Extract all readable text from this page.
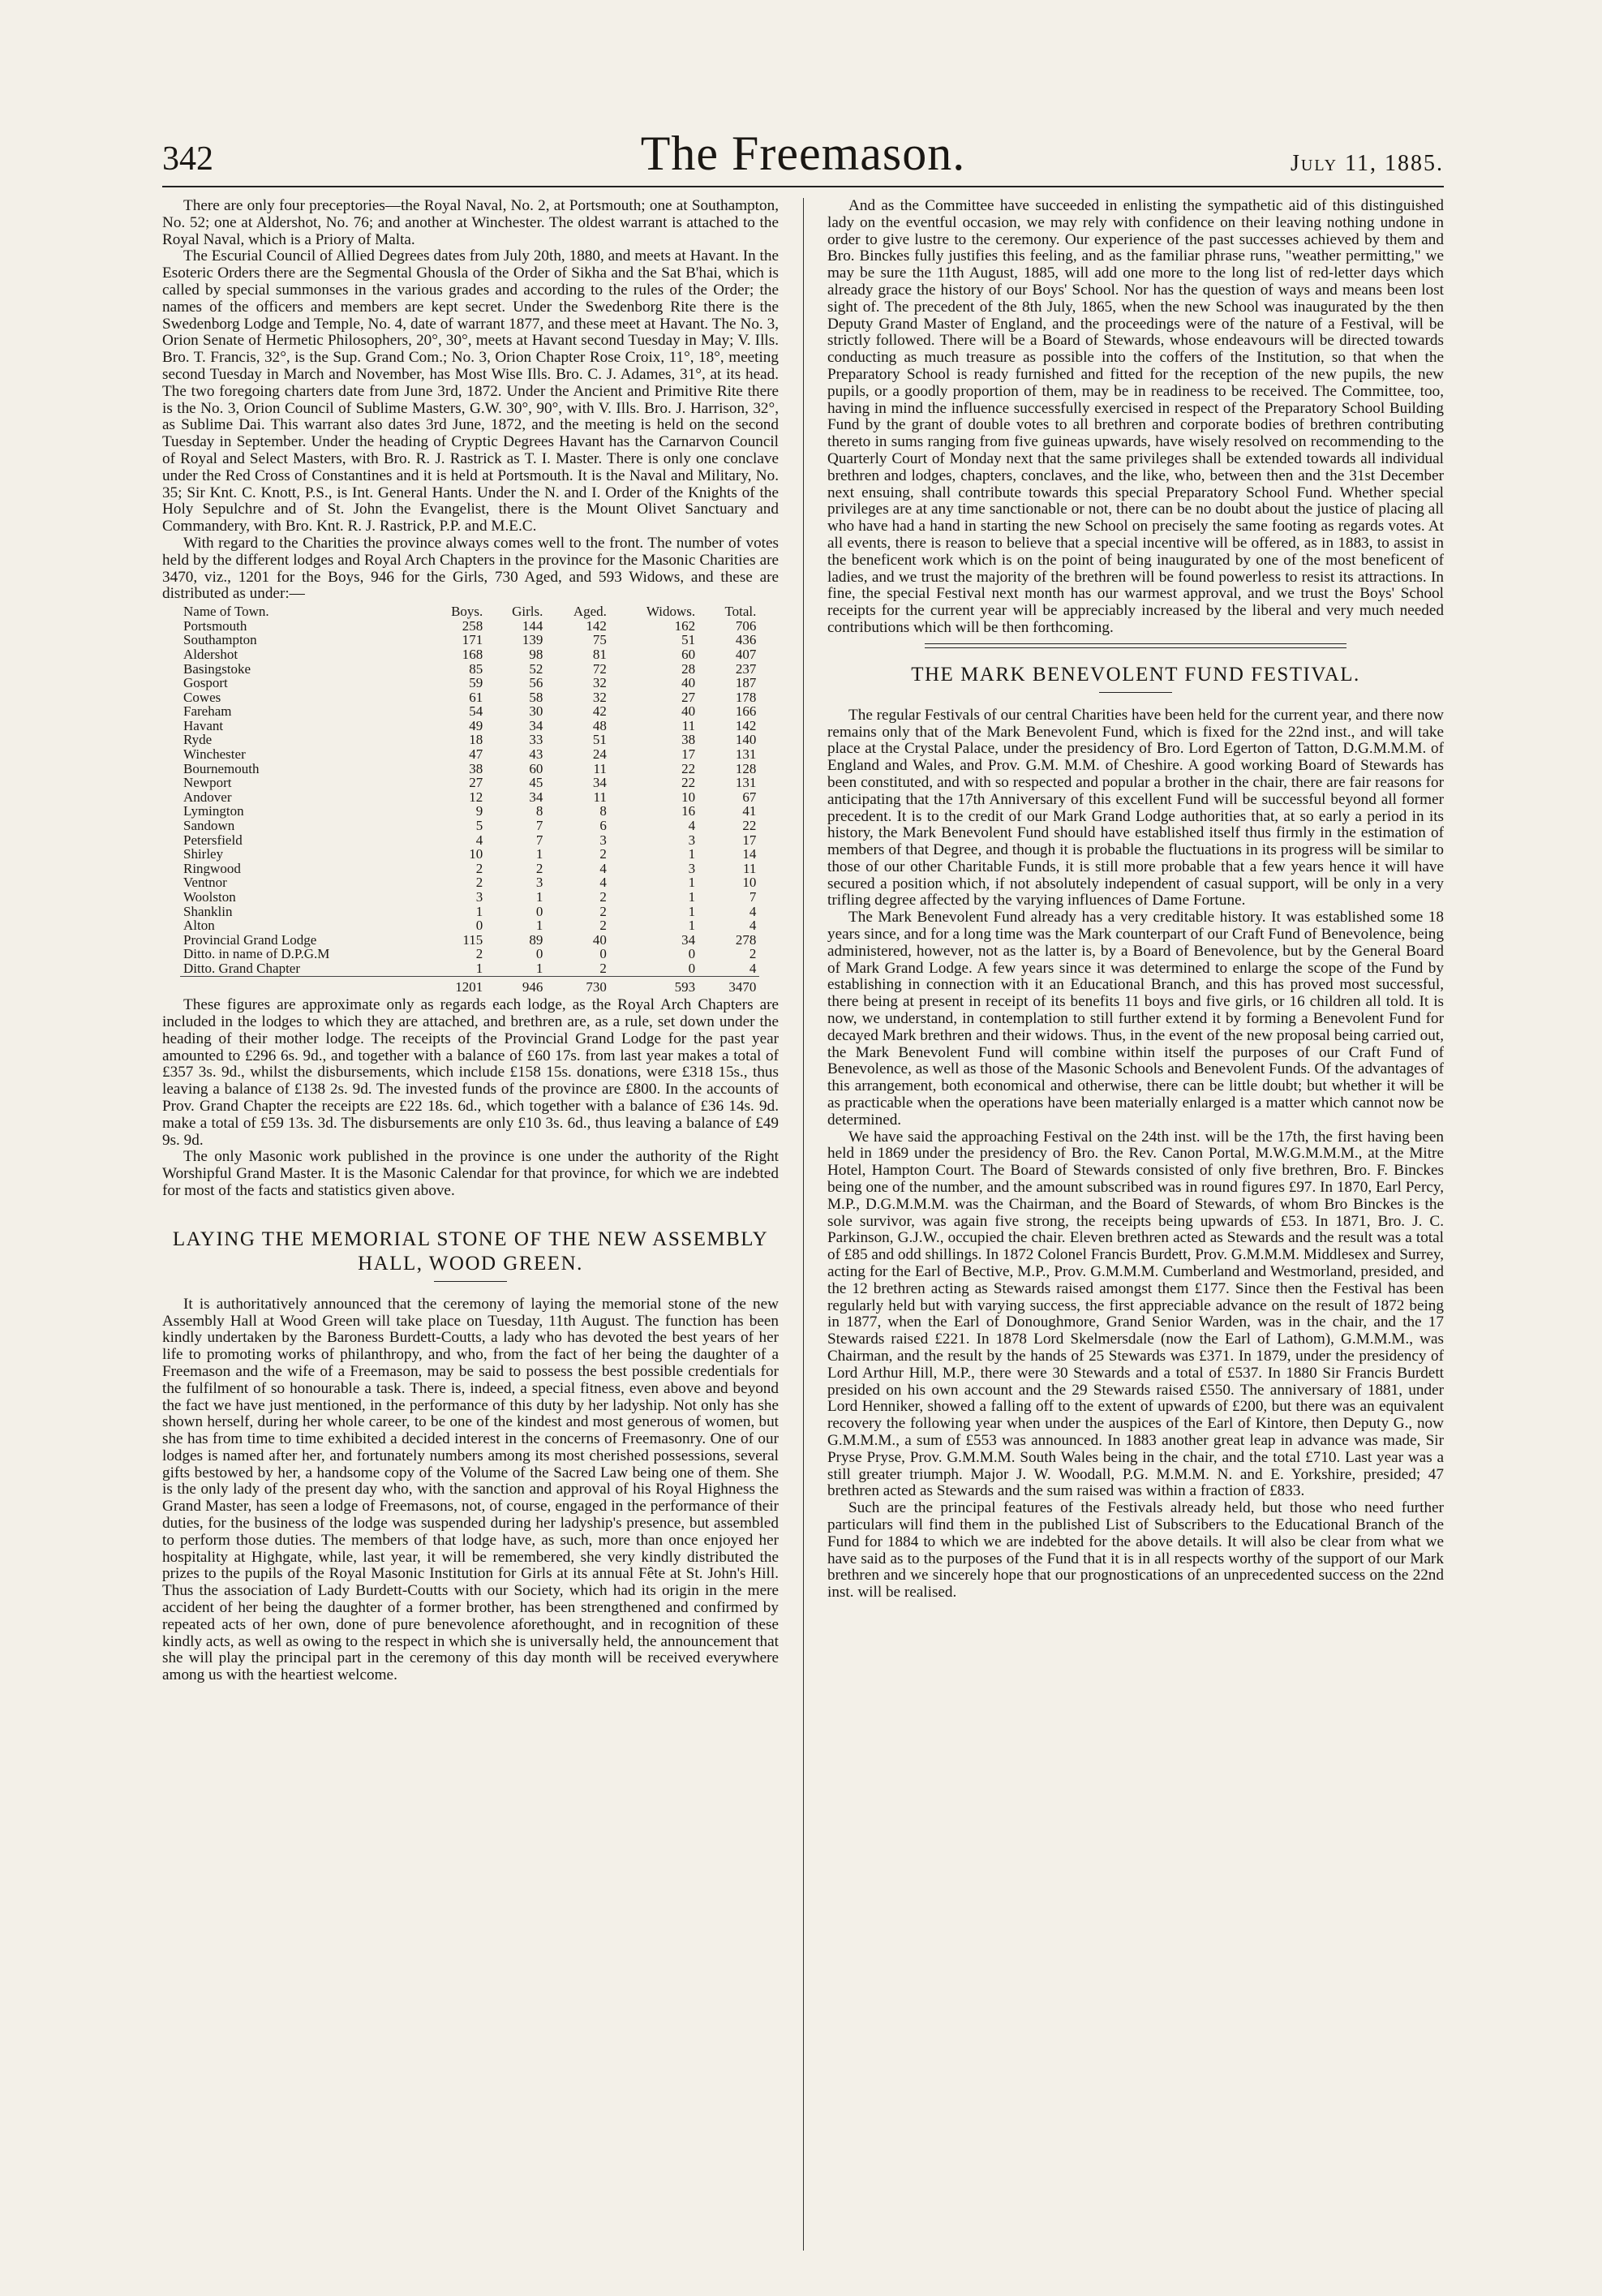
342	The Freemason.	July 11, 1885.

There are only four preceptories—the Royal Naval, No. 2, at Portsmouth; one at Southampton, No. 52; one at Aldershot, No. 76; and another at Winchester. The oldest warrant is attached to the Royal Naval, which is a Priory of Malta.

The Escurial Council of Allied Degrees dates from July 20th, 1880, and meets at Havant. In the Esoteric Orders there are the Segmental Ghousla of the Order of Sikha and the Sat B'hai, which is called by special summonses in the various grades and according to the rules of the Order; the names of the officers and members are kept secret. Under the Swedenborg Rite there is the Swedenborg Lodge and Temple, No. 4, date of warrant 1877, and these meet at Havant. The No. 3, Orion Senate of Hermetic Philosophers, 20°, 30°, meets at Havant second Tuesday in May; V. Ills. Bro. T. Francis, 32°, is the Sup. Grand Com.; No. 3, Orion Chapter Rose Croix, 11°, 18°, meeting second Tuesday in March and November, has Most Wise Ills. Bro. C. J. Adames, 31°, at its head. The two foregoing charters date from June 3rd, 1872. Under the Ancient and Primitive Rite there is the No. 3, Orion Council of Sublime Masters, G.W. 30°, 90°, with V. Ills. Bro. J. Harrison, 32°, as Sublime Dai. This warrant also dates 3rd June, 1872, and the meeting is held on the second Tuesday in September. Under the heading of Cryptic Degrees Havant has the Carnarvon Council of Royal and Select Masters, with Bro. R. J. Rastrick as T. I. Master. There is only one conclave under the Red Cross of Constantines and it is held at Portsmouth. It is the Naval and Military, No. 35; Sir Knt. C. Knott, P.S., is Int. General Hants. Under the N. and I. Order of the Knights of the Holy Sepulchre and of St. John the Evangelist, there is the Mount Olivet Sanctuary and Commandery, with Bro. Knt. R. J. Rastrick, P.P. and M.E.C.

With regard to the Charities the province always comes well to the front. The number of votes held by the different lodges and Royal Arch Chapters in the province for the Masonic Charities are 3470, viz., 1201 for the Boys, 946 for the Girls, 730 Aged, and 593 Widows, and these are distributed as under:—

Name of Town.	Boys.	Girls.	Aged.	Widows.	Total.
Portsmouth	258	144	142	162	706
Southampton	171	139	75	51	436
Aldershot	168	98	81	60	407
Basingstoke	85	52	72	28	237
Gosport	59	56	32	40	187
Cowes	61	58	32	27	178
Fareham	54	30	42	40	166
Havant	49	34	48	11	142
Ryde	18	33	51	38	140
Winchester	47	43	24	17	131
Bournemouth	38	60	11	22	128
Newport	27	45	34	22	131
Andover	12	34	11	10	67
Lymington	9	8	8	16	41
Sandown	5	7	6	4	22
Petersfield	4	7	3	3	17
Shirley	10	1	2	1	14
Ringwood	2	2	4	3	11
Ventnor	2	3	4	1	10
Woolston	3	1	2	1	7
Shanklin	1	0	2	1	4
Alton	0	1	2	1	4
Provincial Grand Lodge	115	89	40	34	278
Ditto. in name of D.P.G.M	2	0	0	0	2
Ditto. Grand Chapter	1	1	2	0	4
	1201	946	730	593	3470

These figures are approximate only as regards each lodge, as the Royal Arch Chapters are included in the lodges to which they are attached, and brethren are, as a rule, set down under the heading of their mother lodge. The receipts of the Provincial Grand Lodge for the past year amounted to £296 6s. 9d., and together with a balance of £60 17s. from last year makes a total of £357 3s. 9d., whilst the disbursements, which include £158 15s. donations, were £318 15s., thus leaving a balance of £138 2s. 9d. The invested funds of the province are £800. In the accounts of Prov. Grand Chapter the receipts are £22 18s. 6d., which together with a balance of £36 14s. 9d. make a total of £59 13s. 3d. The disbursements are only £10 3s. 6d., thus leaving a balance of £49 9s. 9d.

The only Masonic work published in the province is one under the authority of the Right Worshipful Grand Master. It is the Masonic Calendar for that province, for which we are indebted for most of the facts and statistics given above.

LAYING THE MEMORIAL STONE OF THE NEW ASSEMBLY HALL, WOOD GREEN.

It is authoritatively announced that the ceremony of laying the memorial stone of the new Assembly Hall at Wood Green will take place on Tuesday, 11th August. The function has been kindly undertaken by the Baroness Burdett-Coutts, a lady who has devoted the best years of her life to promoting works of philanthropy, and who, from the fact of her being the daughter of a Freemason and the wife of a Freemason, may be said to possess the best possible credentials for the fulfilment of so honourable a task. There is, indeed, a special fitness, even above and beyond the fact we have just mentioned, in the performance of this duty by her ladyship. Not only has she shown herself, during her whole career, to be one of the kindest and most generous of women, but she has from time to time exhibited a decided interest in the concerns of Freemasonry. One of our lodges is named after her, and fortunately numbers among its most cherished possessions, several gifts bestowed by her, a handsome copy of the Volume of the Sacred Law being one of them. She is the only lady of the present day who, with the sanction and approval of his Royal Highness the Grand Master, has seen a lodge of Freemasons, not, of course, engaged in the performance of their duties, for the business of the lodge was suspended during her ladyship's presence, but assembled to perform those duties. The members of that lodge have, as such, more than once enjoyed her hospitality at Highgate, while, last year, it will be remembered, she very kindly distributed the prizes to the pupils of the Royal Masonic Institution for Girls at its annual Fête at St. John's Hill. Thus the association of Lady Burdett-Coutts with our Society, which had its origin in the mere accident of her being the daughter of a former brother, has been strengthened and confirmed by repeated acts of her own, done of pure benevolence aforethought, and in recognition of these kindly acts, as well as owing to the respect in which she is universally held, the announcement that she will play the principal part in the ceremony of this day month will be received everywhere among us with the heartiest welcome.

And as the Committee have succeeded in enlisting the sympathetic aid of this distinguished lady on the eventful occasion, we may rely with confidence on their leaving nothing undone in order to give lustre to the ceremony. Our experience of the past successes achieved by them and Bro. Binckes fully justifies this feeling, and as the familiar phrase runs, "weather permitting," we may be sure the 11th August, 1885, will add one more to the long list of red-letter days which already grace the history of our Boys' School. Nor has the question of ways and means been lost sight of. The precedent of the 8th July, 1865, when the new School was inaugurated by the then Deputy Grand Master of England, and the proceedings were of the nature of a Festival, will be strictly followed. There will be a Board of Stewards, whose endeavours will be directed towards conducting as much treasure as possible into the coffers of the Institution, so that when the Preparatory School is ready furnished and fitted for the reception of the new pupils, the new pupils, or a goodly proportion of them, may be in readiness to be received. The Committee, too, having in mind the influence successfully exercised in respect of the Preparatory School Building Fund by the grant of double votes to all brethren and corporate bodies of brethren contributing thereto in sums ranging from five guineas upwards, have wisely resolved on recommending to the Quarterly Court of Monday next that the same privileges shall be extended towards all individual brethren and lodges, chapters, conclaves, and the like, who, between then and the 31st December next ensuing, shall contribute towards this special Preparatory School Fund. Whether special privileges are at any time sanctionable or not, there can be no doubt about the justice of placing all who have had a hand in starting the new School on precisely the same footing as regards votes. At all events, there is reason to believe that a special incentive will be offered, as in 1883, to assist in the beneficent work which is on the point of being inaugurated by one of the most beneficent of ladies, and we trust the majority of the brethren will be found powerless to resist its attractions. In fine, the special Festival next month has our warmest approval, and we trust the Boys' School receipts for the current year will be appreciably increased by the liberal and very much needed contributions which will be then forthcoming.

THE MARK BENEVOLENT FUND FESTIVAL.

The regular Festivals of our central Charities have been held for the current year, and there now remains only that of the Mark Benevolent Fund, which is fixed for the 22nd inst., and will take place at the Crystal Palace, under the presidency of Bro. Lord Egerton of Tatton, D.G.M.M.M. of England and Wales, and Prov. G.M. M.M. of Cheshire. A good working Board of Stewards has been constituted, and with so respected and popular a brother in the chair, there are fair reasons for anticipating that the 17th Anniversary of this excellent Fund will be successful beyond all former precedent. It is to the credit of our Mark Grand Lodge authorities that, at so early a period in its history, the Mark Benevolent Fund should have established itself thus firmly in the estimation of members of that Degree, and though it is probable the fluctuations in its progress will be similar to those of our other Charitable Funds, it is still more probable that a few years hence it will have secured a position which, if not absolutely independent of casual support, will be only in a very trifling degree affected by the varying influences of Dame Fortune.

The Mark Benevolent Fund already has a very creditable history. It was established some 18 years since, and for a long time was the Mark counterpart of our Craft Fund of Benevolence, being administered, however, not as the latter is, by a Board of Benevolence, but by the General Board of Mark Grand Lodge. A few years since it was determined to enlarge the scope of the Fund by establishing in connection with it an Educational Branch, and this has proved most successful, there being at present in receipt of its benefits 11 boys and five girls, or 16 children all told. It is now, we understand, in contemplation to still further extend it by forming a Benevolent Fund for decayed Mark brethren and their widows. Thus, in the event of the new proposal being carried out, the Mark Benevolent Fund will combine within itself the purposes of our Craft Fund of Benevolence, as well as those of the Masonic Schools and Benevolent Funds. Of the advantages of this arrangement, both economical and otherwise, there can be little doubt; but whether it will be as practicable when the operations have been materially enlarged is a matter which cannot now be determined.

We have said the approaching Festival on the 24th inst. will be the 17th, the first having been held in 1869 under the presidency of Bro. the Rev. Canon Portal, M.W.G.M.M.M., at the Mitre Hotel, Hampton Court. The Board of Stewards consisted of only five brethren, Bro. F. Binckes being one of the number, and the amount subscribed was in round figures £97. In 1870, Earl Percy, M.P., D.G.M.M.M. was the Chairman, and the Board of Stewards, of whom Bro Binckes is the sole survivor, was again five strong, the receipts being upwards of £53. In 1871, Bro. J. C. Parkinson, G.J.W., occupied the chair. Eleven brethren acted as Stewards and the result was a total of £85 and odd shillings. In 1872 Colonel Francis Burdett, Prov. G.M.M.M. Middlesex and Surrey, acting for the Earl of Bective, M.P., Prov. G.M.M.M. Cumberland and Westmorland, presided, and the 12 brethren acting as Stewards raised amongst them £177. Since then the Festival has been regularly held but with varying success, the first appreciable advance on the result of 1872 being in 1877, when the Earl of Donoughmore, Grand Senior Warden, was in the chair, and the 17 Stewards raised £221. In 1878 Lord Skelmersdale (now the Earl of Lathom), G.M.M.M., was Chairman, and the result by the hands of 25 Stewards was £371. In 1879, under the presidency of Lord Arthur Hill, M.P., there were 30 Stewards and a total of £537. In 1880 Sir Francis Burdett presided on his own account and the 29 Stewards raised £550. The anniversary of 1881, under Lord Henniker, showed a falling off to the extent of upwards of £200, but there was an equivalent recovery the following year when under the auspices of the Earl of Kintore, then Deputy G., now G.M.M.M., a sum of £553 was announced. In 1883 another great leap in advance was made, Sir Pryse Pryse, Prov. G.M.M.M. South Wales being in the chair, and the total £710. Last year was a still greater triumph. Major J. W. Woodall, P.G. M.M.M. N. and E. Yorkshire, presided; 47 brethren acted as Stewards and the sum raised was within a fraction of £833.

Such are the principal features of the Festivals already held, but those who need further particulars will find them in the published List of Subscribers to the Educational Branch of the Fund for 1884 to which we are indebted for the above details. It will also be clear from what we have said as to the purposes of the Fund that it is in all respects worthy of the support of our Mark brethren and we sincerely hope that our prognostications of an unprecedented success on the 22nd inst. will be realised.
